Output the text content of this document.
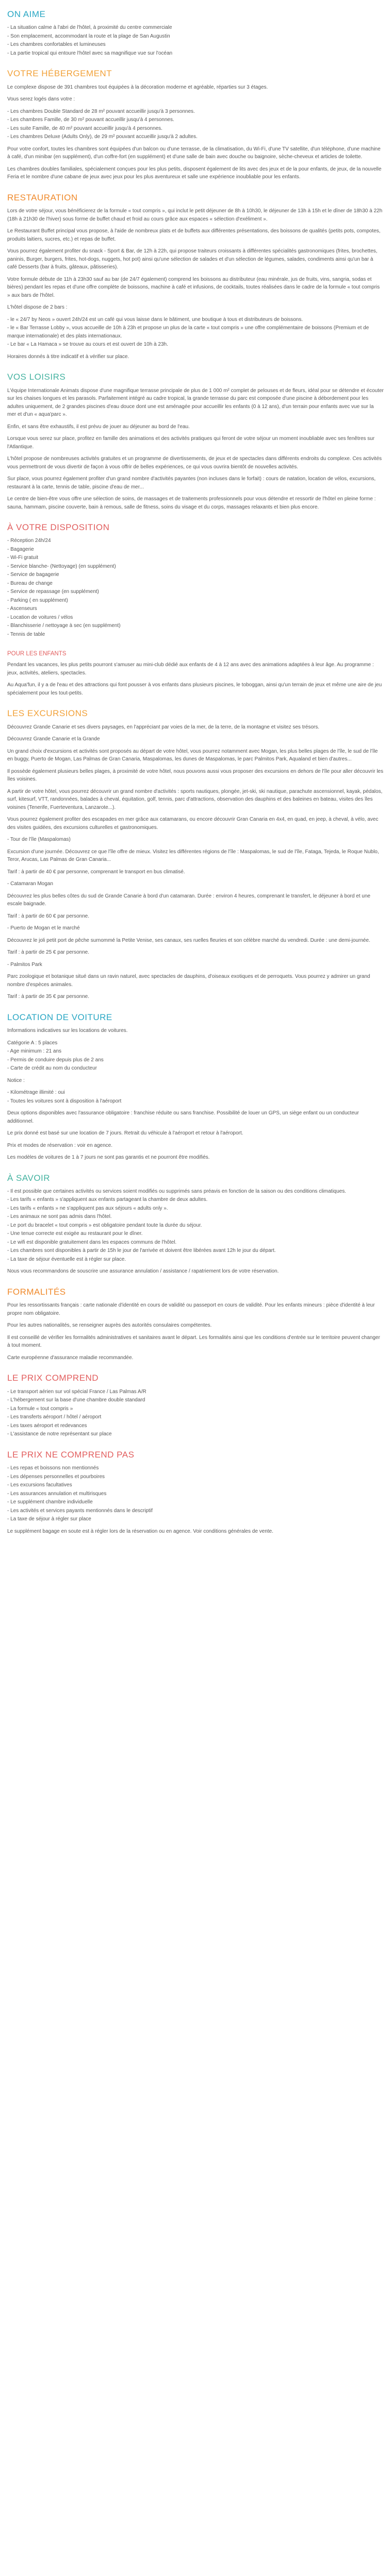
ON AIME
- La situation calme à l'abri de l'hôtel, à proximité du centre commerciale
- Son emplacement, accommodant la route et la plage de San Augustin
- Les chambres confortables et lumineuses
- La partie tropical qui entoure l'hôtel avec sa magnifique vue sur l'océan
VOTRE HÉBERGEMENT

Le complexe dispose de 391 chambres tout équipées à la décoration moderne et agréable, réparties sur 3 étages.

Vous serez logés dans votre :

- Les chambres Double Standard de 28 m² pouvant accueillir jusqu'à 3 personnes.
- Les chambres Famille, de 30 m² pouvant accueillir jusqu'à 4 personnes.
- Les suite Famille, de 40 m² pouvant accueillir jusqu'à 4 personnes.
- Les chambres Deluxe (Adults Only), de 29 m² pouvant accueillir jusqu'à 2 adultes.

Pour votre confort, toutes les chambres sont équipées d'un balcon ou d'une terrasse, de la climatisation, du Wi-Fi, d'une TV satellite, d'un téléphone, d'une machine à café, d'un minibar (en supplément), d'un coffre-fort (en supplément) et d'une salle de bain avec douche ou baignoire, sèche-cheveux et articles de toilette.

Les chambres doubles familiales, spécialement conçues pour les plus petits, disposent également de lits avec des jeux et de la pour enfants, de jeux, de la nouvelle Feria et le nombre d'une cabane de jeux avec jeux pour les plus aventureux et salle une expérience inoubliable pour les enfants.

RESTAURATION

Lors de votre séjour, vous bénéficierez de la formule « tout compris », qui inclut le petit déjeuner de 8h à 10h30, le déjeuner de 13h à 15h et le dîner de 18h30 à 22h (18h à 21h30 de l'hiver) sous forme de buffet chaud et froid au cours grâce aux espaces « sélection d'exéliment ».

Le Restaurant Buffet principal vous propose, à l'aide de nombreux plats et de buffets aux différentes présentations, des boissons de qualités (petits pots, compotes, produits laitiers, sucres, etc.) et repas de buffet.

Vous pourrez également profiter du snack - Sport & Bar, de 12h à 22h, qui propose traiteurs croissants à différentes spécialités gastronomiques (frites, brochettes, paninis, Burger, burgers, frites, hot-dogs, nuggets, hot pot) ainsi qu'une sélection de salades et d'un sélection de légumes, salades, condiments ainsi qu'un bar à café Desserts (bar à fruits, gâteaux, pâtisseries).

Votre formule débute de 11h à 23h30 sauf au bar (de 24/7 également) comprend les boissons au distributeur (eau minérale, jus de fruits, vins, sangria, sodas et bières) pendant les repas et d'une offre complète de boissons, machine à café et infusions, de cocktails, toutes réalisées dans le cadre de la formule « tout compris » aux bars de l'hôtel.

L'hôtel dispose de 2 bars :

- le « 24/7 by Neos » ouvert 24h/24 est un café qui vous laisse dans le bâtiment, une boutique à tous et distributeurs de boissons.
- le « Bar Terrasse Lobby », vous accueille de 10h à 23h et propose un plus de la carte « tout compris » une offre complémentaire de boissons (Premium et de marque internationale) et des plats internationaux.
- Le bar « La Hamaca » se trouve au cours et est ouvert de 10h à 23h.

Horaires donnés à titre indicatif et à vérifier sur place.

VOS LOISIRS

L'équipe Internationale Animats dispose d'une magnifique terrasse principale de plus de 1 000 m² complet de pelouses et de fleurs, idéal pour se détendre et écouter sur les chaises longues et les parasols. Parfaitement intégré au cadre tropical, la grande terrasse du parc est composée d'une piscine à débordement pour les adultes uniquement, de 2 grandes piscines d'eau douce dont une est aménagée pour accueillir les enfants (0 à 12 ans), d'un terrain pour enfants avec vue sur la mer et d'un « aqua'parc ».

Enfin, et sans être exhaustifs, il est prévu de jouer au déjeuner au bord de l'eau.

Lorsque vous serez sur place, profitez en famille des animations et des activités pratiques qui feront de votre séjour un moment inoubliable avec ses fenêtres sur l'Atlantique.

L'hôtel propose de nombreuses activités gratuites et un programme de divertissements, de jeux et de spectacles dans différents endroits du complexe. Ces activités vous permettront de vous divertir de façon à vous offrir de belles expériences, ce qui vous ouvrira bientôt de nouvelles activités.

Sur place, vous pourrez également profiter d'un grand nombre d'activités payantes (non incluses dans le forfait) : cours de natation, location de vélos, excursions, restaurant à la carte, tennis de table, piscine d'eau de mer...

Le centre de bien-être vous offre une sélection de soins, de massages et de traitements professionnels pour vous détendre et ressortir de l'hôtel en pleine forme : sauna, hammam, piscine couverte, bain à remous, salle de fitness, soins du visage et du corps, massages relaxants et bien plus encore.

À VOTRE DISPOSITION
- Réception 24h/24
- Bagagerie
- Wi-Fi gratuit
- Service blanche- (Nettoyage) (en supplément)
- Service de bagagerie
- Bureau de change
- Service de repassage (en supplément)
- Parking ( en supplément)
- Ascenseurs
- Location de voitures / vélos
- Blanchisserie / nettoyage à sec (en supplément)
- Tennis de table
POUR LES ENFANTS

Pendant les vacances, les plus petits pourront s'amuser au mini-club dédié aux enfants de 4 à 12 ans avec des animations adaptées à leur âge. Au programme : jeux, activités, ateliers, spectacles.

Au Aqua'fun, il y a de l'eau et des attractions qui font pousser à vos enfants dans plusieurs piscines, le toboggan, ainsi qu'un terrain de jeux et même une aire de jeu spécialement pour les tout-petits.

LES EXCURSIONS

Découvrez Grande Canarie et ses divers paysages, en l'appréciant par voies de la mer, de la terre, de la montagne et visitez ses trésors.

Découvrez Grande Canarie et la Grande

Un grand choix d'excursions et activités sont proposés au départ de votre hôtel, vous pourrez notamment avec Mogan, les plus belles plages de l'île, le sud de l'île en buggy, Puerto de Mogan, Las Palmas de Gran Canaria, Maspalomas, les dunes de Maspalomas, le parc Palmitos Park, Aqualand et bien d'autres...

Il possède également plusieurs belles plages, à proximité de votre hôtel, nous pouvons aussi vous proposer des excursions en dehors de l'île pour aller découvrir les îles voisines.

A partir de votre hôtel, vous pourrez découvrir un grand nombre d'activités : sports nautiques, plongée, jet-ski, ski nautique, parachute ascensionnel, kayak, pédalos, surf, kitesurf, VTT, randonnées, balades à cheval, équitation, golf, tennis, parc d'attractions, observation des dauphins et des baleines en bateau, visites des îles voisines (Tenerife, Fuerteventura, Lanzarote...).

Vous pourrez également profiter des escapades en mer grâce aux catamarans, ou encore découvrir Gran Canaria en 4x4, en quad, en jeep, à cheval, à vélo, avec des visites guidées, des excursions culturelles et gastronomiques.

- Tour de l'île (Maspalomas)

Excursion d'une journée. Découvrez ce que l'île offre de mieux. Visitez les différentes régions de l'île : Maspalomas, le sud de l'île, Fataga, Tejeda, le Roque Nublo, Teror, Arucas, Las Palmas de Gran Canaria...

Tarif : à partir de 40 € par personne, comprenant le transport en bus climatisé.

- Catamaran Mogan

Découvrez les plus belles côtes du sud de Grande Canarie à bord d'un catamaran. Durée : environ 4 heures, comprenant le transfert, le déjeuner à bord et une escale baignade.

Tarif : à partir de 60 € par personne.

- Puerto de Mogan et le marché

Découvrez le joli petit port de pêche surnommé la Petite Venise, ses canaux, ses ruelles fleuries et son célèbre marché du vendredi. Durée : une demi-journée.

Tarif : à partir de 25 € par personne.

- Palmitos Park

Parc zoologique et botanique situé dans un ravin naturel, avec spectacles de dauphins, d'oiseaux exotiques et de perroquets. Vous pourrez y admirer un grand nombre d'espèces animales.

Tarif : à partir de 35 € par personne.

LOCATION DE VOITURE

Informations indicatives sur les locations de voitures.

Catégorie A : 5 places
- Age minimum : 21 ans
- Permis de conduire depuis plus de 2 ans
- Carte de crédit au nom du conducteur

Notice :

- Kilométrage illimité : oui
- Toutes les voitures sont à disposition à l'aéroport

Deux options disponibles avec l'assurance obligatoire : franchise réduite ou sans franchise. Possibilité de louer un GPS, un siège enfant ou un conducteur additionnel.

Le prix donné est basé sur une location de 7 jours. Retrait du véhicule à l'aéroport et retour à l'aéroport.

Prix et modes de réservation : voir en agence.

Les modèles de voitures de 1 à 7 jours ne sont pas garantis et ne pourront être modifiés.

À SAVOIR
- Il est possible que certaines activités ou services soient modifiés ou supprimés sans préavis en fonction de la saison ou des conditions climatiques.
- Les tarifs « enfants » s'appliquent aux enfants partageant la chambre de deux adultes.
- Les tarifs « enfants » ne s'appliquent pas aux séjours « adults only ».
- Les animaux ne sont pas admis dans l'hôtel.
- Le port du bracelet « tout compris » est obligatoire pendant toute la durée du séjour.
- Une tenue correcte est exigée au restaurant pour le dîner.
- Le wifi est disponible gratuitement dans les espaces communs de l'hôtel.
- Les chambres sont disponibles à partir de 15h le jour de l'arrivée et doivent être libérées avant 12h le jour du départ.
- La taxe de séjour éventuelle est à régler sur place.

Nous vous recommandons de souscrire une assurance annulation / assistance / rapatriement lors de votre réservation.

FORMALITÉS

Pour les ressortissants français : carte nationale d'identité en cours de validité ou passeport en cours de validité. Pour les enfants mineurs : pièce d'identité à leur propre nom obligatoire.

Pour les autres nationalités, se renseigner auprès des autorités consulaires compétentes.

Il est conseillé de vérifier les formalités administratives et sanitaires avant le départ. Les formalités ainsi que les conditions d'entrée sur le territoire peuvent changer à tout moment.

Carte européenne d'assurance maladie recommandée.

LE PRIX COMPREND
- Le transport aérien sur vol spécial France / Las Palmas A/R
- L'hébergement sur la base d'une chambre double standard
- La formule « tout compris »
- Les transferts aéroport / hôtel / aéroport
- Les taxes aéroport et redevances
- L'assistance de notre représentant sur place
LE PRIX NE COMPREND PAS
- Les repas et boissons non mentionnés
- Les dépenses personnelles et pourboires
- Les excursions facultatives
- Les assurances annulation et multirisques
- Le supplément chambre individuelle
- Les activités et services payants mentionnés dans le descriptif
- La taxe de séjour à régler sur place

Le supplément bagage en soute est à régler lors de la réservation ou en agence. Voir conditions générales de vente.
